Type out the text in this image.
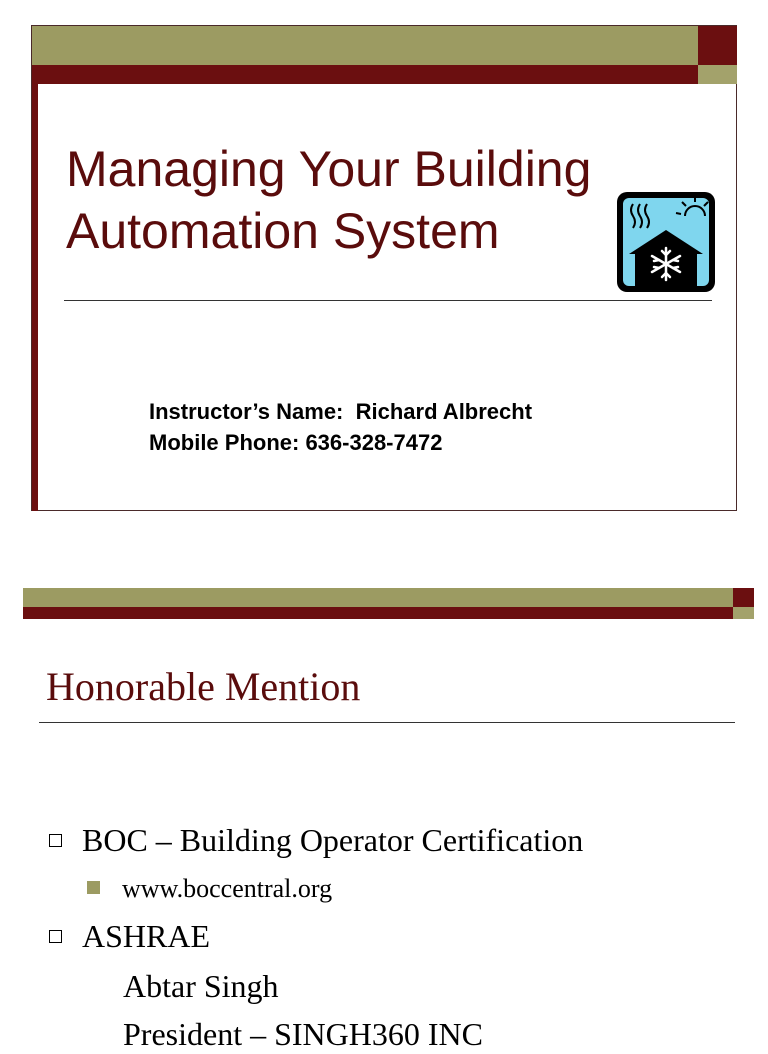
Managing Your Building
Automation System
Instructor’s Name:  Richard Albrecht
Mobile Phone: 636-328-7472
Honorable Mention
BOC – Building Operator Certification
www.boccentral.org
ASHRAE
Abtar Singh
President – SINGH360 INC
